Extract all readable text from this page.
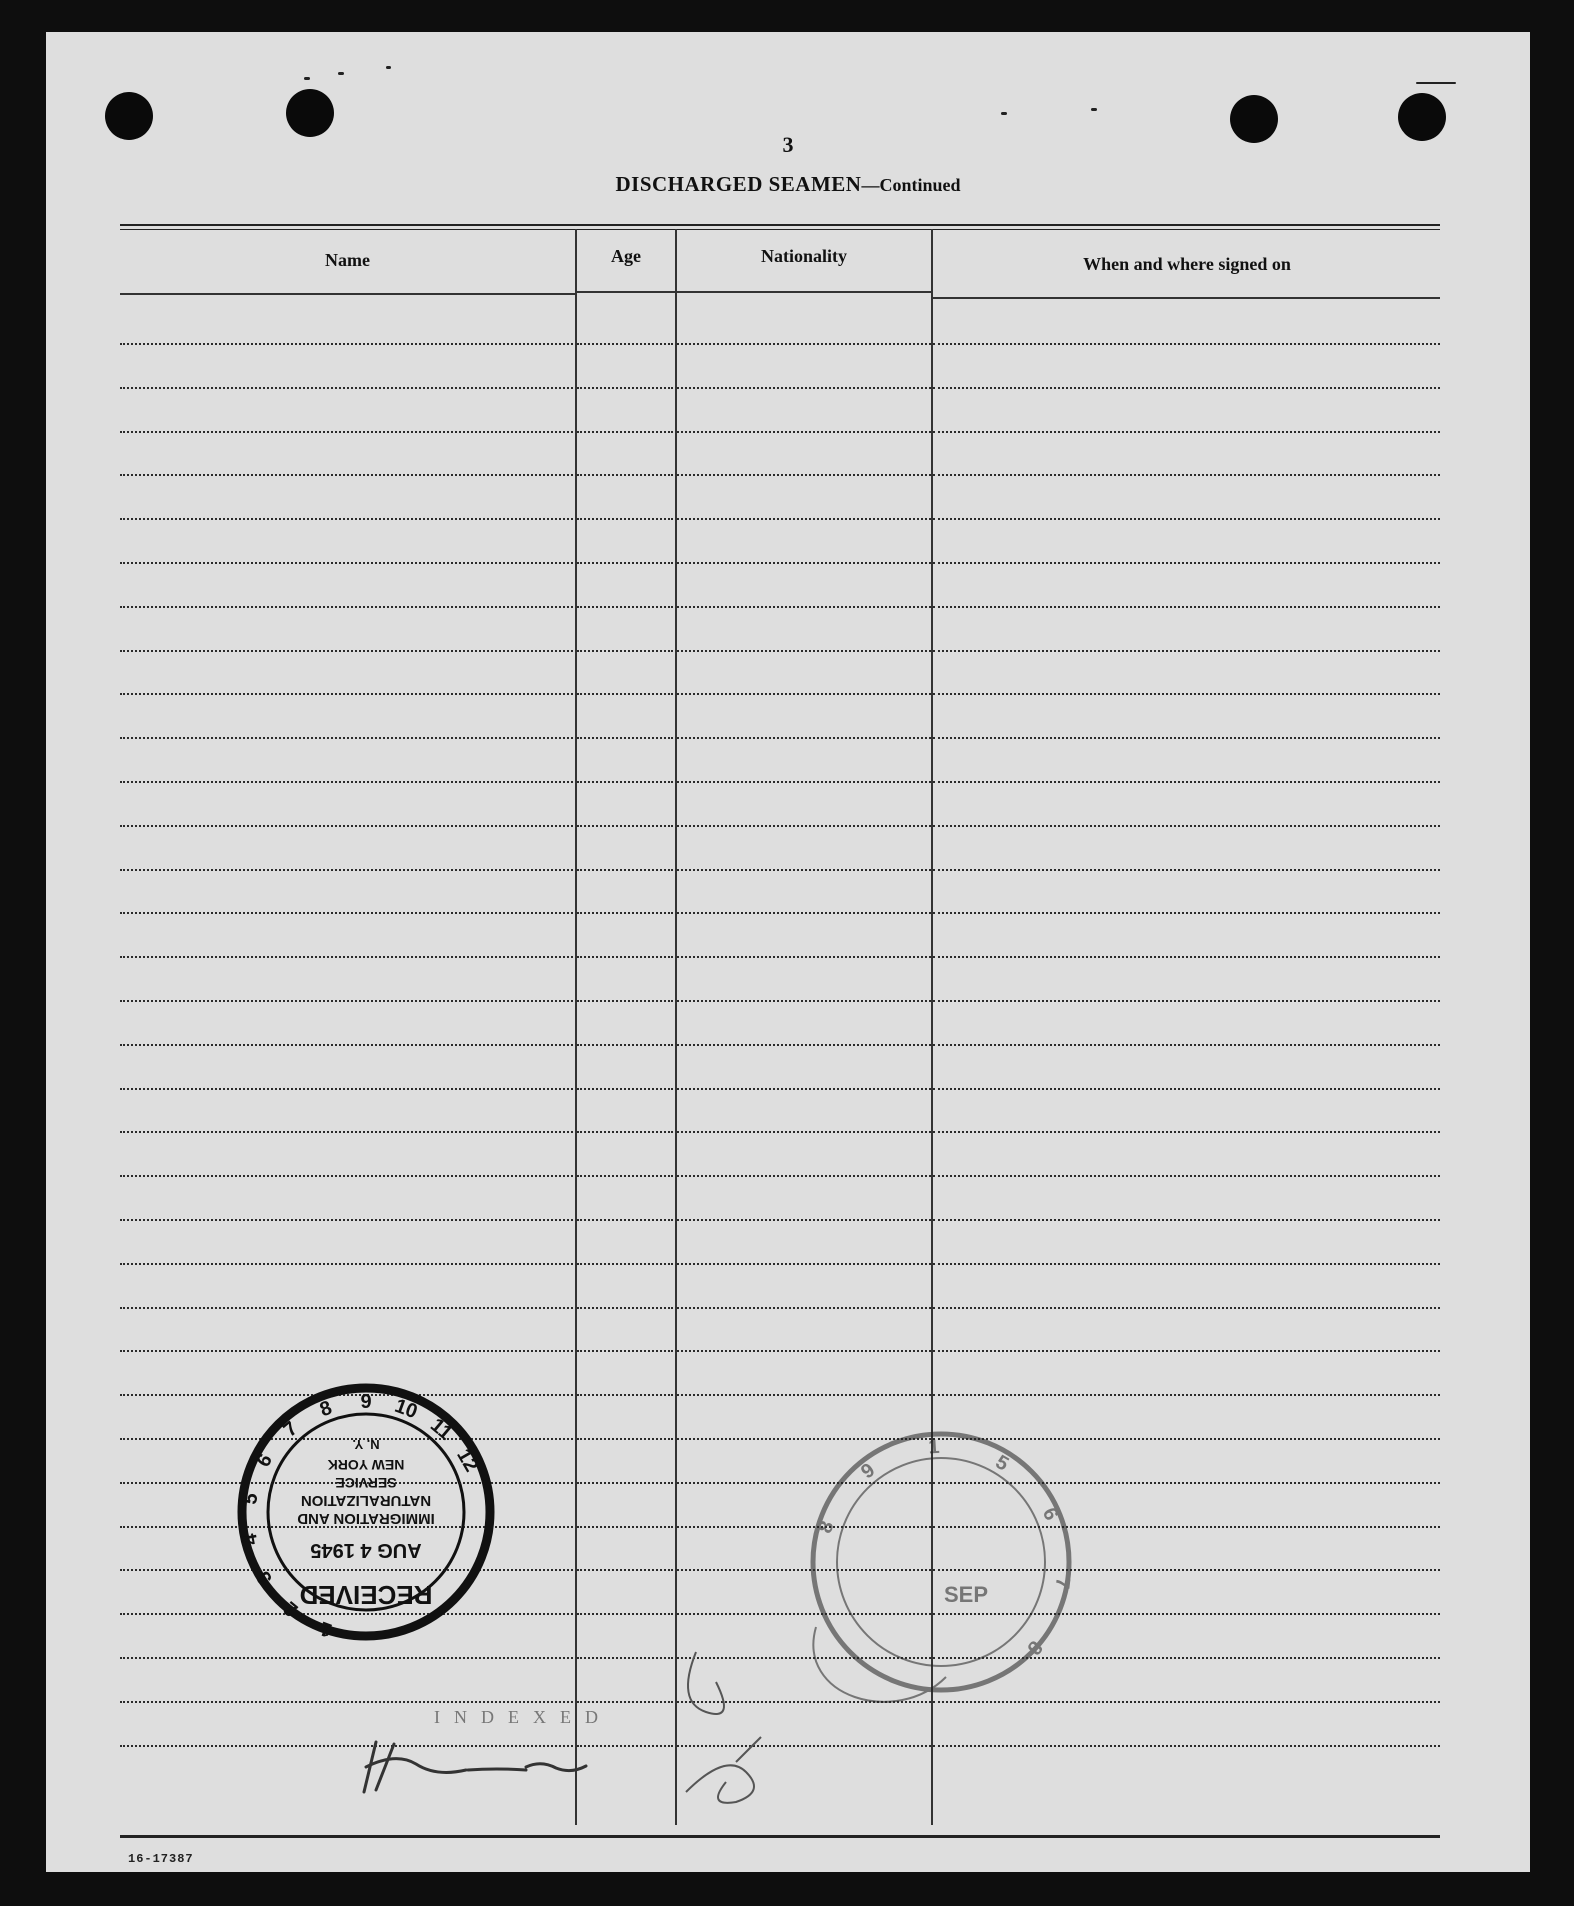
3
DISCHARGED SEAMEN—Continued
Name	Age	Nationality	When and where signed on
16-17387
RECEIVED
AUG 4 1945
IMMIGRATION AND
NATURALIZATION
SERVICE
NEW YORK
N. Y.
1
2
3
4
5
6
7
8 9 10
11
12
SEP
8
9
1
5
6
7
8
INDEXED
